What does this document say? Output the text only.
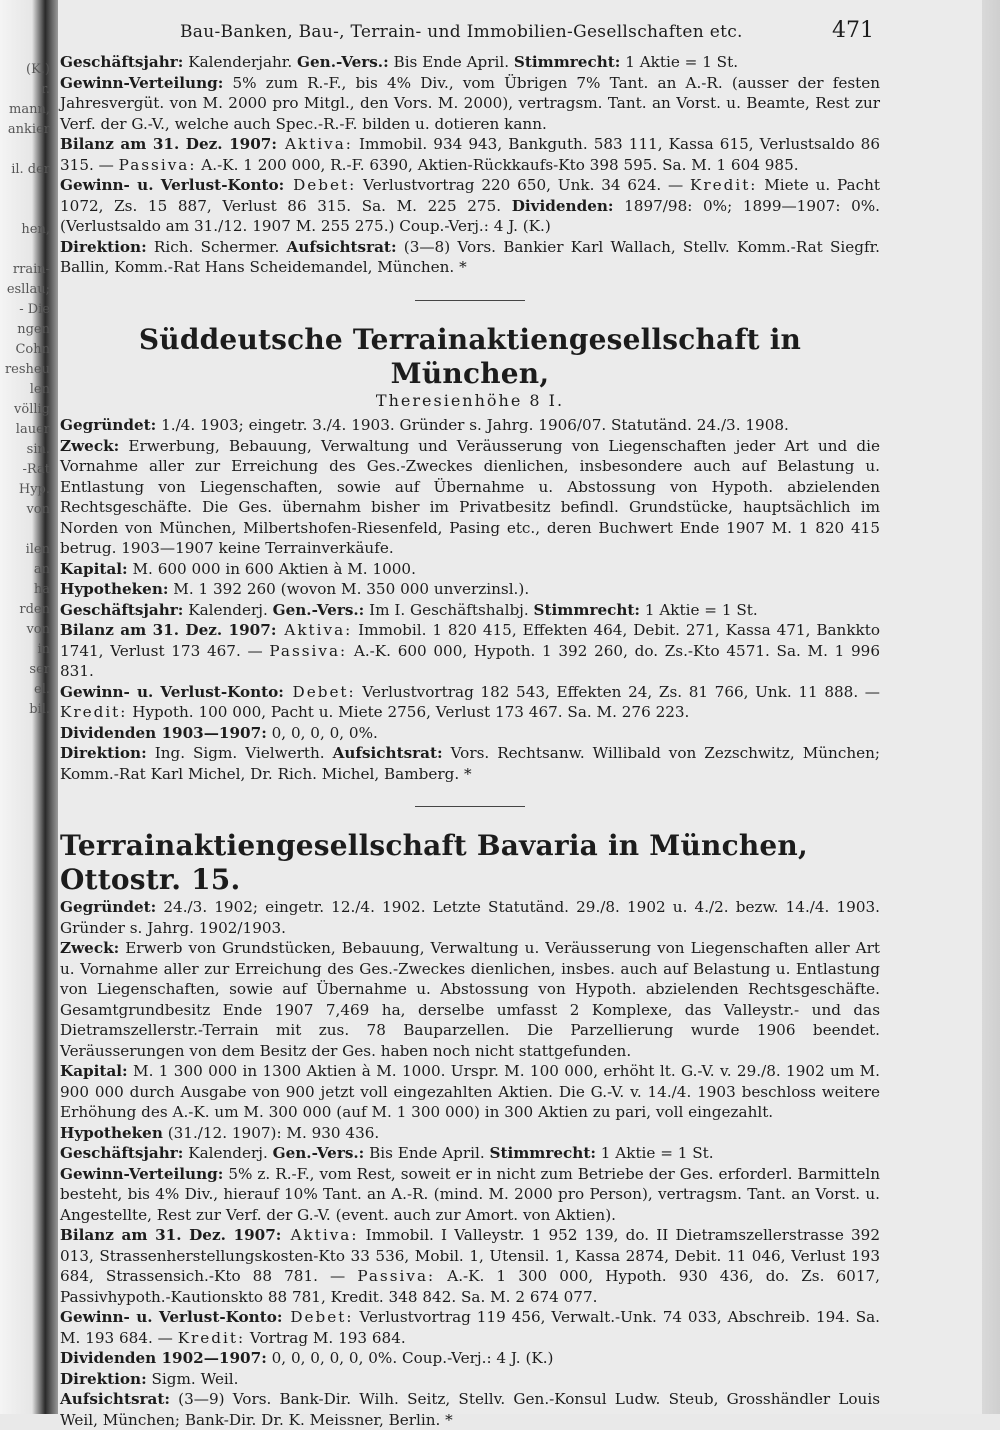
(K.)
r.
mann,
ankier

il. der

hen,

rrain-
esllau;
- Die
ngen
Cohn
resheu
len
völlig
lauer
sin.
-Rat
Hyp.
von

ilen
an
ha
rden
von
in
ser
el.
bil.
Bau-Banken, Bau-, Terrain- und Immobilien-Gesellschaften etc.	471

Geschäftsjahr: Kalenderjahr. Gen.-Vers.: Bis Ende April. Stimmrecht: 1 Aktie = 1 St.

Gewinn-Verteilung: 5% zum R.-F., bis 4% Div., vom Übrigen 7% Tant. an A.-R. (ausser der festen Jahresvergüt. von M. 2000 pro Mitgl., den Vors. M. 2000), vertragsm. Tant. an Vorst. u. Beamte, Rest zur Verf. der G.-V., welche auch Spec.-R.-F. bilden u. dotieren kann.

Bilanz am 31. Dez. 1907: Aktiva: Immobil. 934 943, Bankguth. 583 111, Kassa 615, Verlustsaldo 86 315. — Passiva: A.-K. 1 200 000, R.-F. 6390, Aktien-Rückkaufs-Kto 398 595. Sa. M. 1 604 985.

Gewinn- u. Verlust-Konto: Debet: Verlustvortrag 220 650, Unk. 34 624. — Kredit: Miete u. Pacht 1072, Zs. 15 887, Verlust 86 315. Sa. M. 225 275. Dividenden: 1897/98: 0%; 1899—1907: 0%. (Verlustsaldo am 31./12. 1907 M. 255 275.) Coup.-Verj.: 4 J. (K.)

Direktion: Rich. Schermer. Aufsichtsrat: (3—8) Vors. Bankier Karl Wallach, Stellv. Komm.-Rat Siegfr. Ballin, Komm.-Rat Hans Scheidemandel, München. *

Süddeutsche Terrainaktiengesellschaft in München,
Theresienhöhe 8 I.

Gegründet: 1./4. 1903; eingetr. 3./4. 1903. Gründer s. Jahrg. 1906/07. Statutänd. 24./3. 1908.

Zweck: Erwerbung, Bebauung, Verwaltung und Veräusserung von Liegenschaften jeder Art und die Vornahme aller zur Erreichung des Ges.-Zweckes dienlichen, insbesondere auch auf Belastung u. Entlastung von Liegenschaften, sowie auf Übernahme u. Abstossung von Hypoth. abzielenden Rechtsgeschäfte. Die Ges. übernahm bisher im Privatbesitz befindl. Grundstücke, hauptsächlich im Norden von München, Milbertshofen-Riesenfeld, Pasing etc., deren Buchwert Ende 1907 M. 1 820 415 betrug. 1903—1907 keine Terrainverkäufe.

Kapital: M. 600 000 in 600 Aktien à M. 1000.

Hypotheken: M. 1 392 260 (wovon M. 350 000 unverzinsl.).

Geschäftsjahr: Kalenderj. Gen.-Vers.: Im I. Geschäftshalbj. Stimmrecht: 1 Aktie = 1 St.

Bilanz am 31. Dez. 1907: Aktiva: Immobil. 1 820 415, Effekten 464, Debit. 271, Kassa 471, Bankkto 1741, Verlust 173 467. — Passiva: A.-K. 600 000, Hypoth. 1 392 260, do. Zs.-Kto 4571. Sa. M. 1 996 831.

Gewinn- u. Verlust-Konto: Debet: Verlustvortrag 182 543, Effekten 24, Zs. 81 766, Unk. 11 888. — Kredit: Hypoth. 100 000, Pacht u. Miete 2756, Verlust 173 467. Sa. M. 276 223.

Dividenden 1903—1907: 0, 0, 0, 0, 0%.

Direktion: Ing. Sigm. Vielwerth. Aufsichtsrat: Vors. Rechtsanw. Willibald von Zezschwitz, München; Komm.-Rat Karl Michel, Dr. Rich. Michel, Bamberg. *

Terrainaktiengesellschaft Bavaria in München, Ottostr. 15.

Gegründet: 24./3. 1902; eingetr. 12./4. 1902. Letzte Statutänd. 29./8. 1902 u. 4./2. bezw. 14./4. 1903. Gründer s. Jahrg. 1902/1903.

Zweck: Erwerb von Grundstücken, Bebauung, Verwaltung u. Veräusserung von Liegenschaften aller Art u. Vornahme aller zur Erreichung des Ges.-Zweckes dienlichen, insbes. auch auf Belastung u. Entlastung von Liegenschaften, sowie auf Übernahme u. Abstossung von Hypoth. abzielenden Rechtsgeschäfte. Gesamtgrundbesitz Ende 1907 7,469 ha, derselbe umfasst 2 Komplexe, das Valleystr.- und das Dietramszellerstr.-Terrain mit zus. 78 Bauparzellen. Die Parzellierung wurde 1906 beendet. Veräusserungen von dem Besitz der Ges. haben noch nicht stattgefunden.

Kapital: M. 1 300 000 in 1300 Aktien à M. 1000. Urspr. M. 100 000, erhöht lt. G.-V. v. 29./8. 1902 um M. 900 000 durch Ausgabe von 900 jetzt voll eingezahlten Aktien. Die G.-V. v. 14./4. 1903 beschloss weitere Erhöhung des A.-K. um M. 300 000 (auf M. 1 300 000) in 300 Aktien zu pari, voll eingezahlt.

Hypotheken (31./12. 1907): M. 930 436.

Geschäftsjahr: Kalenderj. Gen.-Vers.: Bis Ende April. Stimmrecht: 1 Aktie = 1 St.

Gewinn-Verteilung: 5% z. R.-F., vom Rest, soweit er in nicht zum Betriebe der Ges. erforderl. Barmitteln besteht, bis 4% Div., hierauf 10% Tant. an A.-R. (mind. M. 2000 pro Person), vertragsm. Tant. an Vorst. u. Angestellte, Rest zur Verf. der G.-V. (event. auch zur Amort. von Aktien).

Bilanz am 31. Dez. 1907: Aktiva: Immobil. I Valleystr. 1 952 139, do. II Dietramszellerstrasse 392 013, Strassenherstellungskosten-Kto 33 536, Mobil. 1, Utensil. 1, Kassa 2874, Debit. 11 046, Verlust 193 684, Strassensich.-Kto 88 781. — Passiva: A.-K. 1 300 000, Hypoth. 930 436, do. Zs. 6017, Passivhypoth.-Kautionskto 88 781, Kredit. 348 842. Sa. M. 2 674 077.

Gewinn- u. Verlust-Konto: Debet: Verlustvortrag 119 456, Verwalt.-Unk. 74 033, Abschreib. 194. Sa. M. 193 684. — Kredit: Vortrag M. 193 684.

Dividenden 1902—1907: 0, 0, 0, 0, 0, 0%. Coup.-Verj.: 4 J. (K.)

Direktion: Sigm. Weil.

Aufsichtsrat: (3—9) Vors. Bank-Dir. Wilh. Seitz, Stellv. Gen.-Konsul Ludw. Steub, Grosshändler Louis Weil, München; Bank-Dir. Dr. K. Meissner, Berlin. *
